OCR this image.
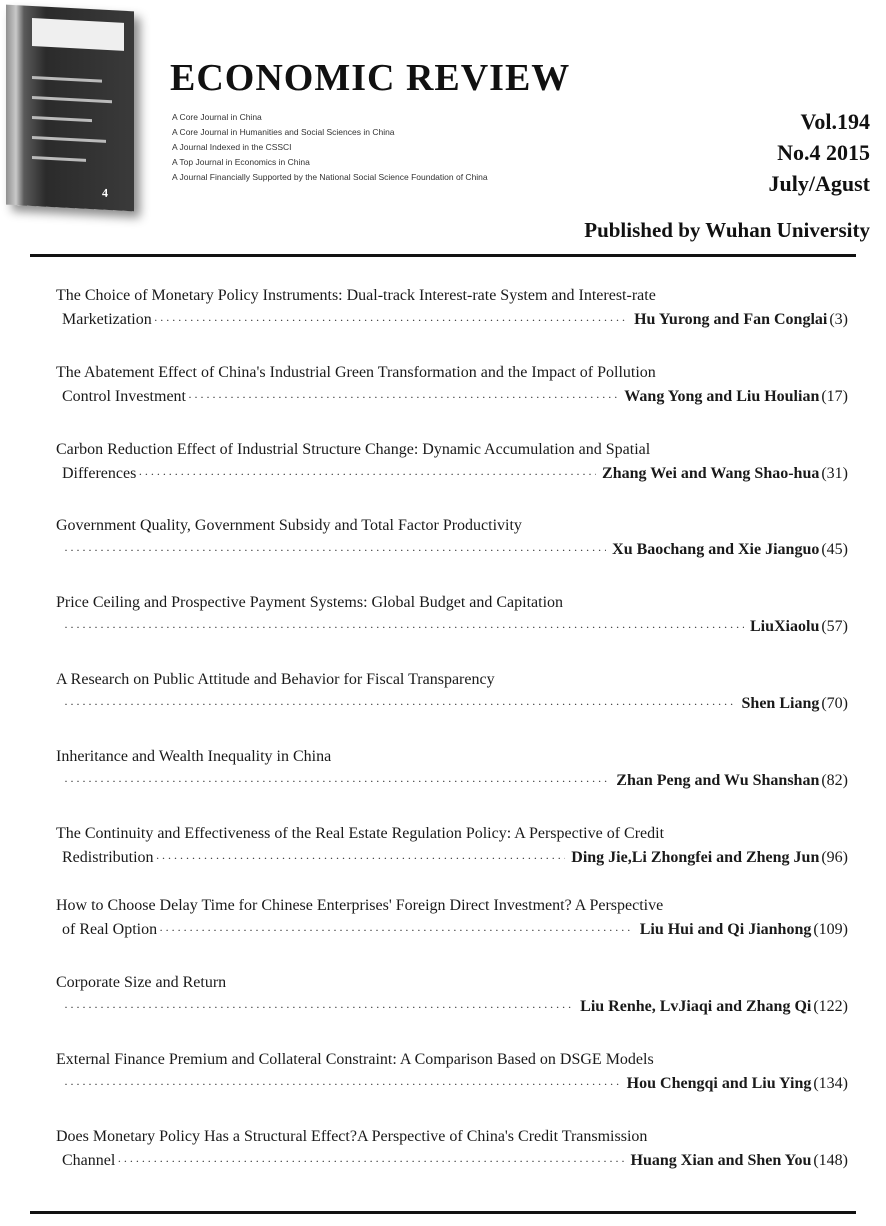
4
ECONOMIC REVIEW
A Core Journal in China
A Core Journal in Humanities and Social Sciences in China
A Journal Indexed in the CSSCI
A Top Journal in Economics in China
A Journal Financially Supported by the National Social Science Foundation of China
Vol.194
No.4 2015
July/Agust
Published by Wuhan University
The Choice of Monetary Policy Instruments: Dual-track Interest-rate System and Interest-rate
Marketization ·····	Hu Yurong and Fan Conglai (3)
The Abatement Effect of China's Industrial Green Transformation and the Impact of Pollution
Control Investment ·····	Wang Yong and Liu Houlian (17)
Carbon Reduction Effect of Industrial Structure Change: Dynamic Accumulation and Spatial
Differences ·····	Zhang Wei and Wang Shao-hua (31)
Government Quality, Government Subsidy and Total Factor Productivity
·····
Xu Baochang and Xie Jianguo (45)
Price Ceiling and Prospective Payment Systems: Global Budget and Capitation
·····
LiuXiaolu (57)
A Research on Public Attitude and Behavior for Fiscal Transparency
·····
Shen Liang (70)
Inheritance and Wealth Inequality in China
·····
Zhan Peng and Wu Shanshan (82)
The Continuity and Effectiveness of the Real Estate Regulation Policy: A Perspective of Credit
Redistribution ·····	Ding Jie,Li Zhongfei and Zheng Jun (96)
How to Choose Delay Time for Chinese Enterprises' Foreign Direct Investment? A Perspective
of Real Option ·····	Liu Hui and Qi Jianhong (109)
Corporate Size and Return
·····
Liu Renhe, LvJiaqi and Zhang Qi (122)
External Finance Premium and Collateral Constraint: A Comparison Based on DSGE Models
·····
Hou Chengqi and Liu Ying (134)
Does Monetary Policy Has a Structural Effect?A Perspective of China's Credit Transmission
Channel ·····	Huang Xian and Shen You (148)
